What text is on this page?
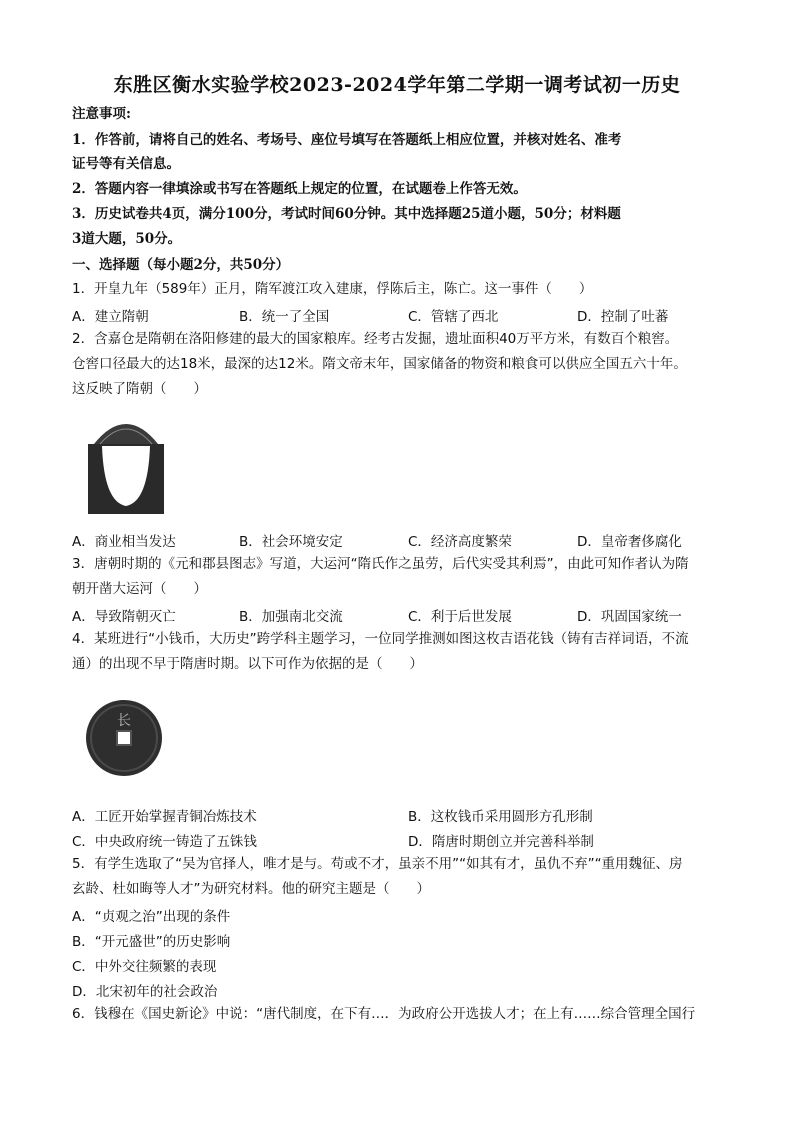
东胜区衡水实验学校2023-2024学年第二学期一调考试初一历史
注意事项:
1．作答前，请将自己的姓名、考场号、座位号填写在答题纸上相应位置，并核对姓名、准考
证号等有关信息。
2．答题内容一律填涂或书写在答题纸上规定的位置，在试题卷上作答无效。
3．历史试卷共4页，满分100分，考试时间60分钟。其中选择题25道小题，50分；材料题
3道大题，50分。
一、选择题（每小题2分，共50分）
1．开皇九年（589年）正月，隋军渡江攻入建康，俘陈后主，陈亡。这一事件（　　）
A．建立隋朝	B．统一了全国	C．管辖了西北	D．控制了吐蕃
2．含嘉仓是隋朝在洛阳修建的最大的国家粮库。经考古发掘，遗址面积40万平方米，有数百个粮窖。
仓窖口径最大的达18米，最深的达12米。隋文帝末年，国家储备的物资和粮食可以供应全国五六十年。
这反映了隋朝（　　）
A．商业相当发达	B．社会环境安定	C．经济高度繁荣	D．皇帝奢侈腐化
3．唐朝时期的《元和郡县图志》写道，大运河“隋氏作之虽劳，后代实受其利焉”，由此可知作者认为隋
朝开凿大运河（　　）
A．导致隋朝灭亡	B．加强南北交流	C．利于后世发展	D．巩固国家统一
4．某班进行“小钱币，大历史”跨学科主题学习，一位同学推测如图这枚吉语花钱（铸有吉祥词语，不流
通）的出现不早于隋唐时期。以下可作为依据的是（　　）
长
A．工匠开始掌握青铜冶炼技术	B．这枚钱币采用圆形方孔形制
C．中央政府统一铸造了五铢钱	D．隋唐时期创立并完善科举制
5．有学生选取了“吴为官择人，唯才是与。苟或不才，虽亲不用”“如其有才，虽仇不弃”“重用魏征、房
玄龄、杜如晦等人才”为研究材料。他的研究主题是（　　）
A．“贞观之治”出现的条件
B．“开元盛世”的历史影响
C．中外交往频繁的表现
D．北宋初年的社会政治
6．钱穆在《国史新论》中说：“唐代制度，在下有…．为政府公开选拔人才；在上有……综合管理全国行
